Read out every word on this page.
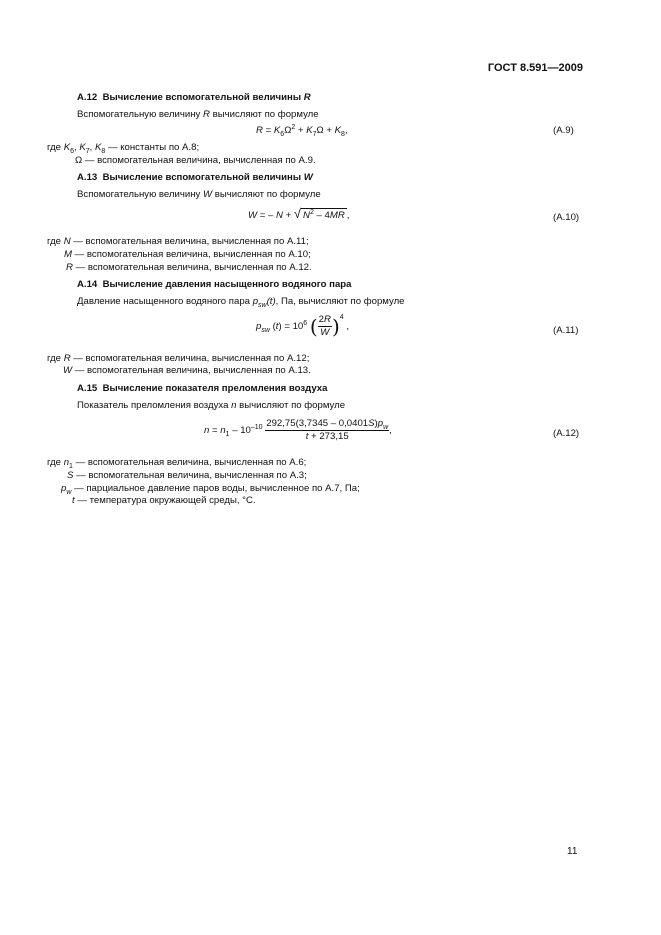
ГОСТ 8.591—2009
А.12 Вычисление вспомогательной величины R
Вспомогательную величину R вычисляют по формуле
$R = K_6\Omega^2 + K_7\Omega + K_8$,	(А.9)
где $K_6$, $K_7$, $K_8$ — константы по А.8;
Ω — вспомогательная величина, вычисленная по А.9.
А.13 Вычисление вспомогательной величины W
Вспомогательную величину W вычисляют по формуле
W = – N + √ $N^2 - 4MR$ ,	(А.10)
где N — вспомогательная величина, вычисленная по А.11;
M — вспомогательная величина, вычисленная по А.10;
R — вспомогательная величина, вычисленная по А.12.
А.14 Вычисление давления насыщенного водяного пара
Давление насыщенного водяного пара $p_{sw}(t)$, Па, вычисляют по формуле
$p_{sw}$ $(t) = 10^6$ ( $\frac{2R}{W} )^4$ ,	(А.11)
где R — вспомогательная величина, вычисленная по А.12;
W — вспомогательная величина, вычисленная по А.13.
А.15 Вычисление показателя преломления воздуха
Показатель преломления воздуха n вычисляют по формуле
$n = n_1 - 10^{-10} \frac{292,75(3,7345 - 0,0401S)p_w}{t + 273,15}$ ,	(А.12)
где $n_1$ — вспомогательная величина, вычисленная по А.6;
S — вспомогательная величина, вычисленная по А.3;
$p_w$ — парциальное давление паров воды, вычисленное по А.7, Па;
t — температура окружающей среды, °С.
11
